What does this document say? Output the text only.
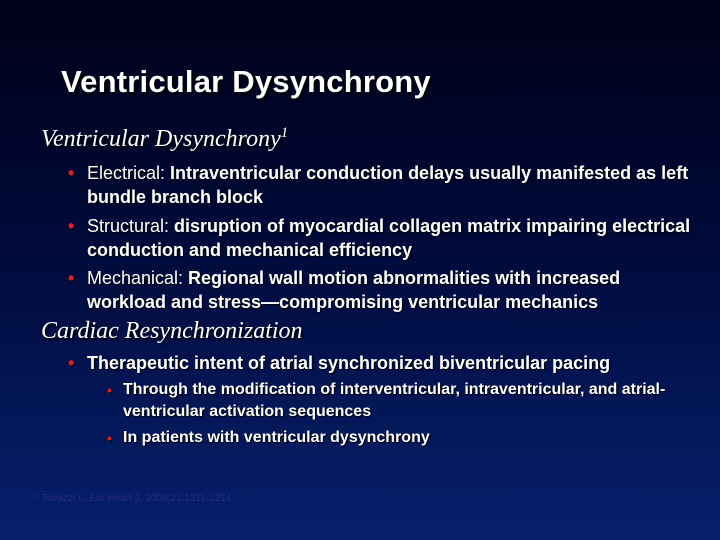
Ventricular Dysynchrony
Ventricular Dysynchrony$^1$
• Electrical: Intraventricular conduction delays usually manifested as left bundle branch block
• Structural: disruption of myocardial collagen matrix impairing electrical conduction and mechanical efficiency
• Mechanical: Regional wall motion abnormalities with increased workload and stress—compromising ventricular mechanics
Cardiac Resynchronization
• Therapeutic intent of atrial synchronized biventricular pacing
• Through the modification of interventricular, intraventricular, and atrial-ventricular activation sequences
• In patients with ventricular dysynchrony
¹ Tavazzi L. Eur Heart J. 2000;21:1211-1214.
